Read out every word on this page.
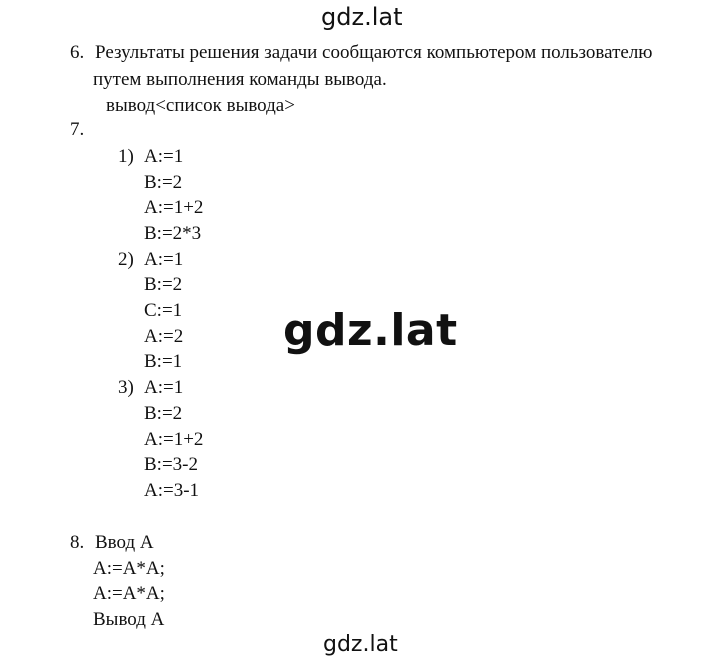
gdz.lat
gdz.lat
gdz.lat
6. Результаты решения задачи сообщаются компьютером пользователю
путем выполнения команды вывода.
вывод<список вывода>
7.
1) A:=1
B:=2
A:=1+2
B:=2*3
2) A:=1
B:=2
C:=1
A:=2
B:=1
3) A:=1
B:=2
A:=1+2
B:=3-2
A:=3-1
8. Ввод А
A:=A*A;
A:=A*A;
Вывод А
